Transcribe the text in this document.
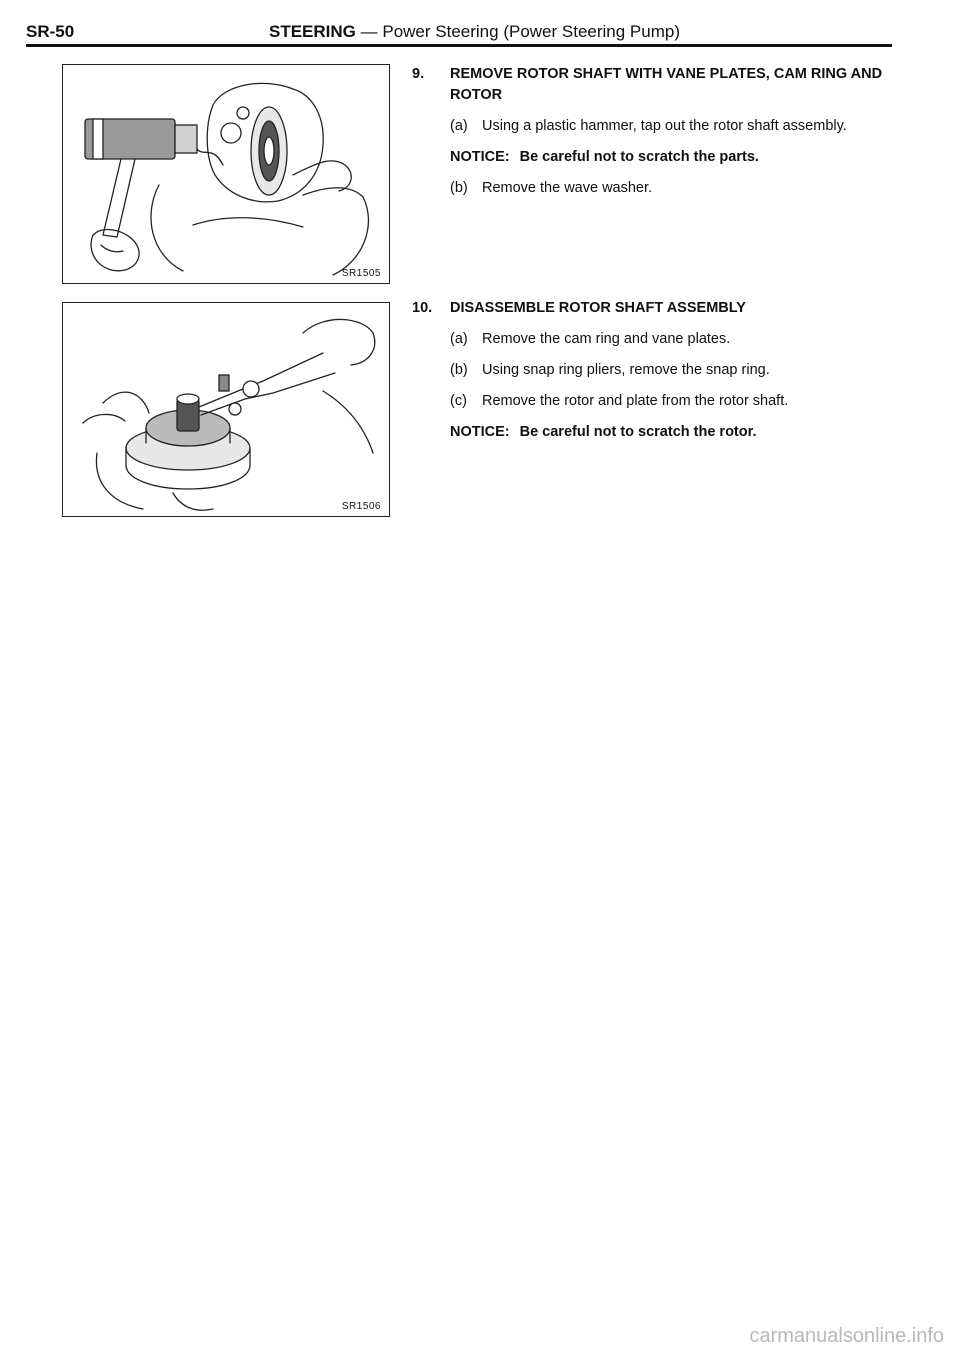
SR-50	STEERING — Power Steering (Power Steering Pump)
SR1505
SR1506
9. REMOVE ROTOR SHAFT WITH VANE PLATES, CAM RING AND ROTOR
(a) Using a plastic hammer, tap out the rotor shaft assembly.
NOTICE: Be careful not to scratch the parts.
(b) Remove the wave washer.
10. DISASSEMBLE ROTOR SHAFT ASSEMBLY
(a) Remove the cam ring and vane plates.
(b) Using snap ring pliers, remove the snap ring.
(c) Remove the rotor and plate from the rotor shaft.
NOTICE: Be careful not to scratch the rotor.
carmanualsonline.info
